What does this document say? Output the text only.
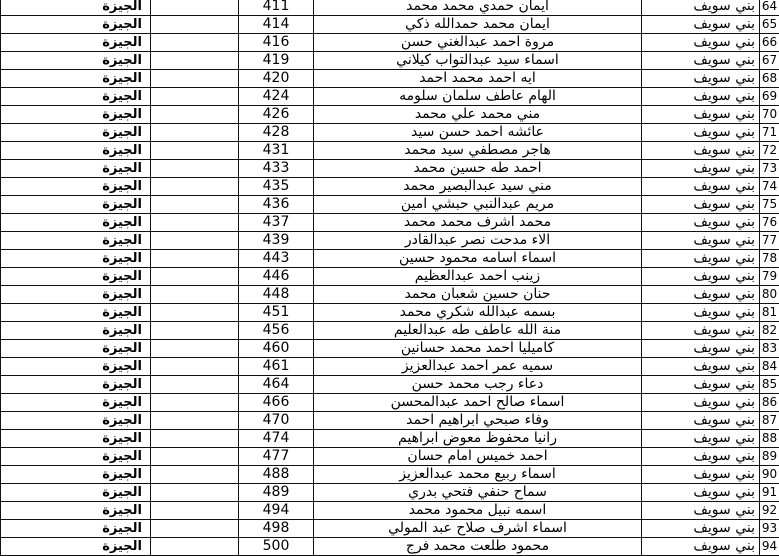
الجيزة		411	ايمان حمدي محمد محمد	بني سويف	64
الجيزة		414	ايمان محمد حمدالله ذكي	بني سويف	65
الجيزة		416	مروة احمد عبدالغني حسن	بني سويف	66
الجيزة		419	اسماء سيد عبدالتواب كيلاني	بني سويف	67
الجيزة		420	ايه احمد محمد احمد	بني سويف	68
الجيزة		424	الهام عاطف سلمان سلومه	بني سويف	69
الجيزة		426	مني محمد علي محمد	بني سويف	70
الجيزة		428	عائشه احمد حسن سيد	بني سويف	71
الجيزة		431	هاجر مصطفي سيد محمد	بني سويف	72
الجيزة		433	احمد طه حسين محمد	بني سويف	73
الجيزة		435	مني سيد عبدالبصير محمد	بني سويف	74
الجيزة		436	مريم عبدالنبي حبشي امين	بني سويف	75
الجيزة		437	محمد اشرف محمد محمد	بني سويف	76
الجيزة		439	الاء مدحت نصر عبدالقادر	بني سويف	77
الجيزة		443	اسماء اسامه محمود حسين	بني سويف	78
الجيزة		446	زينب احمد عبدالعظيم	بني سويف	79
الجيزة		448	حنان حسين شعبان محمد	بني سويف	80
الجيزة		451	بسمه عبدالله شكري محمد	بني سويف	81
الجيزة		456	منة الله عاطف طه عبدالعليم	بني سويف	82
الجيزة		460	كاميليا احمد محمد حسانين	بني سويف	83
الجيزة		461	سميه عمر احمد عبدالعزيز	بني سويف	84
الجيزة		464	دعاء رجب محمد حسن	بني سويف	85
الجيزة		466	اسماء صالح احمد عبدالمحسن	بني سويف	86
الجيزة		470	وفاء صبحي ابراهيم احمد	بني سويف	87
الجيزة		474	رانيا محفوظ معوض ابراهيم	بني سويف	88
الجيزة		477	احمد خميس امام حسان	بني سويف	89
الجيزة		488	اسماء ربيع محمد عبدالعزيز	بني سويف	90
الجيزة		489	سماح حنفي فتحي بدري	بني سويف	91
الجيزة		494	اسمه نبيل محمود محمد	بني سويف	92
الجيزة		498	اسماء اشرف صلاح عبد المولي	بني سويف	93
الجيزة		500	محمود طلعت محمد فرج	بني سويف	94
